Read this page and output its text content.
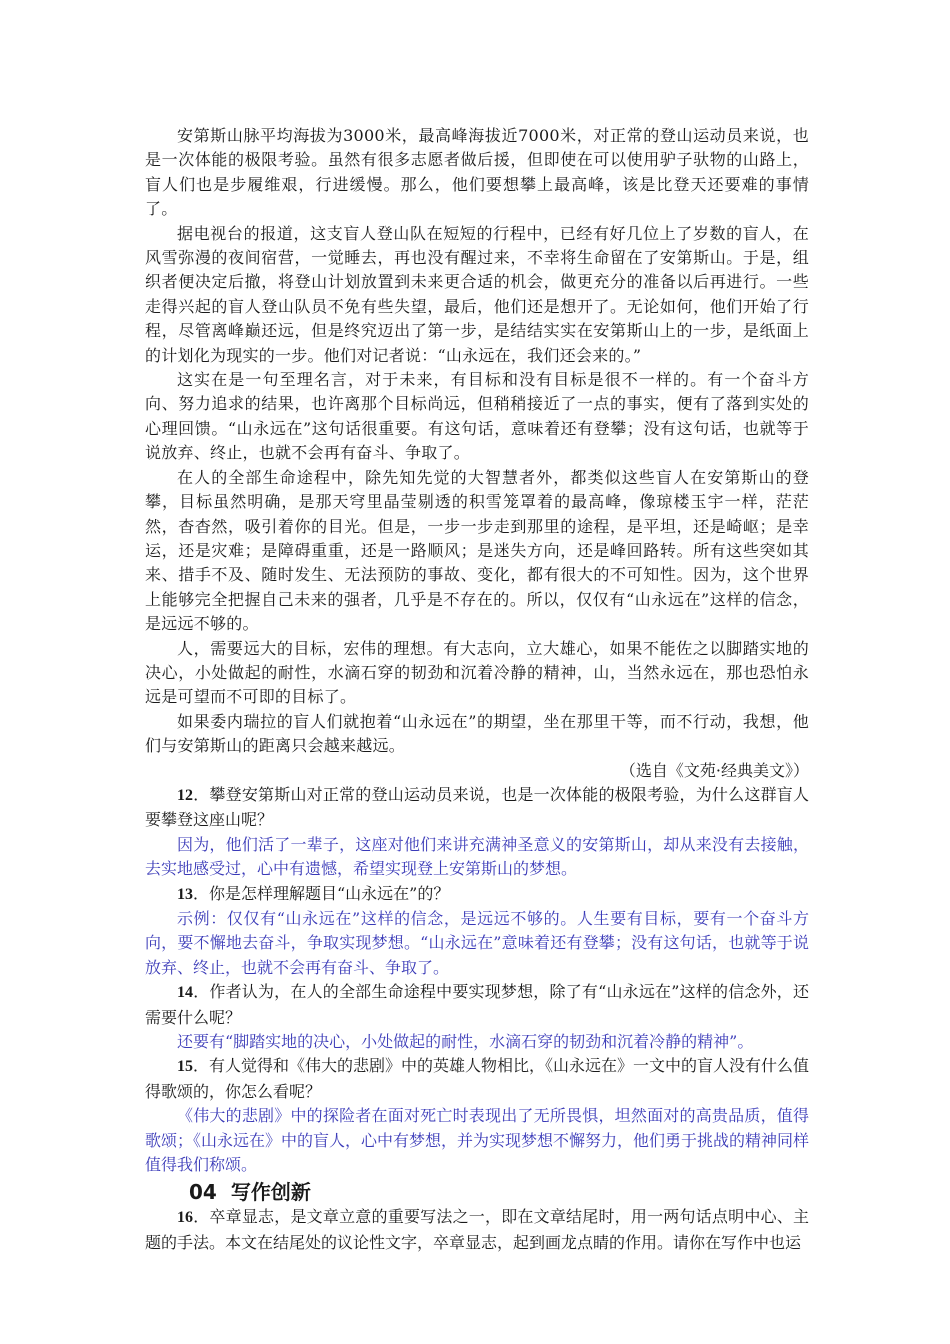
安第斯山脉平均海拔为3000米，最高峰海拔近7000米，对正常的登山运动员来说，也是一次体能的极限考验。虽然有很多志愿者做后援，但即使在可以使用驴子驮物的山路上，盲人们也是步履维艰，行进缓慢。那么，他们要想攀上最高峰，该是比登天还要难的事情了。

据电视台的报道，这支盲人登山队在短短的行程中，已经有好几位上了岁数的盲人，在风雪弥漫的夜间宿营，一觉睡去，再也没有醒过来，不幸将生命留在了安第斯山。于是，组织者便决定后撤，将登山计划放置到未来更合适的机会，做更充分的准备以后再进行。一些走得兴起的盲人登山队员不免有些失望，最后，他们还是想开了。无论如何，他们开始了行程，尽管离峰巅还远，但是终究迈出了第一步，是结结实实在安第斯山上的一步，是纸面上的计划化为现实的一步。他们对记者说：“山永远在，我们还会来的。”

这实在是一句至理名言，对于未来，有目标和没有目标是很不一样的。有一个奋斗方向、努力追求的结果，也许离那个目标尚远，但稍稍接近了一点的事实，便有了落到实处的心理回馈。“山永远在”这句话很重要。有这句话，意味着还有登攀；没有这句话，也就等于说放弃、终止，也就不会再有奋斗、争取了。

在人的全部生命途程中，除先知先觉的大智慧者外，都类似这些盲人在安第斯山的登攀，目标虽然明确，是那天穹里晶莹剔透的积雪笼罩着的最高峰，像琼楼玉宇一样，茫茫然，杳杳然，吸引着你的目光。但是，一步一步走到那里的途程，是平坦，还是崎岖；是幸运，还是灾难；是障碍重重，还是一路顺风；是迷失方向，还是峰回路转。所有这些突如其来、措手不及、随时发生、无法预防的事故、变化，都有很大的不可知性。因为，这个世界上能够完全把握自己未来的强者，几乎是不存在的。所以，仅仅有“山永远在”这样的信念，是远远不够的。

人，需要远大的目标，宏伟的理想。有大志向，立大雄心，如果不能佐之以脚踏实地的决心，小处做起的耐性，水滴石穿的韧劲和沉着冷静的精神，山，当然永远在，那也恐怕永远是可望而不可即的目标了。

如果委内瑞拉的盲人们就抱着“山永远在”的期望，坐在那里干等，而不行动，我想，他们与安第斯山的距离只会越来越远。

（选自《文苑·经典美文》）

12．攀登安第斯山对正常的登山运动员来说，也是一次体能的极限考验，为什么这群盲人要攀登这座山呢？

因为，他们活了一辈子，这座对他们来讲充满神圣意义的安第斯山，却从来没有去接触，去实地感受过，心中有遗憾，希望实现登上安第斯山的梦想。

13．你是怎样理解题目“山永远在”的？

示例：仅仅有“山永远在”这样的信念，是远远不够的。人生要有目标，要有一个奋斗方向，要不懈地去奋斗，争取实现梦想。“山永远在”意味着还有登攀；没有这句话，也就等于说放弃、终止，也就不会再有奋斗、争取了。

14．作者认为，在人的全部生命途程中要实现梦想，除了有“山永远在”这样的信念外，还需要什么呢？

还要有“脚踏实地的决心，小处做起的耐性，水滴石穿的韧劲和沉着冷静的精神”。

15．有人觉得和《伟大的悲剧》中的英雄人物相比，《山永远在》一文中的盲人没有什么值得歌颂的，你怎么看呢？

《伟大的悲剧》中的探险者在面对死亡时表现出了无所畏惧，坦然面对的高贵品质，值得歌颂；《山永远在》中的盲人，心中有梦想，并为实现梦想不懈努力，他们勇于挑战的精神同样值得我们称颂。

04 写作创新

16．卒章显志，是文章立意的重要写法之一，即在文章结尾时，用一两句话点明中心、主题的手法。本文在结尾处的议论性文字，卒章显志，起到画龙点睛的作用。请你在写作中也运
